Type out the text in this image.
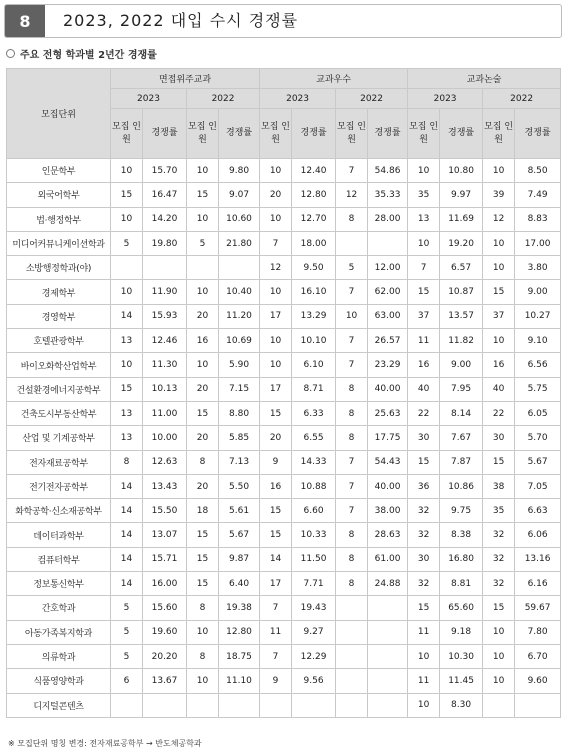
8	2023, 2022 대입 수시 경쟁률
주요 전형 학과별 2년간 경쟁률
모집단위	면접위주교과				교과우수				교과논술			
	2023		2022		2023		2022		2023		2022	
	모집 인원	경쟁률	모집 인원	경쟁률	모집 인원	경쟁률	모집 인원	경쟁률	모집 인원	경쟁률	모집 인원	경쟁률
인문학부	10	15.70	10	9.80	10	12.40	7	54.86	10	10.80	10	8.50
외국어학부	15	16.47	15	9.07	20	12.80	12	35.33	35	9.97	39	7.49
법·행정학부	10	14.20	10	10.60	10	12.70	8	28.00	13	11.69	12	8.83
미디어커뮤니케이션학과	5	19.80	5	21.80	7	18.00			10	19.20	10	17.00
소방행정학과(야)					12	9.50	5	12.00	7	6.57	10	3.80
경제학부	10	11.90	10	10.40	10	16.10	7	62.00	15	10.87	15	9.00
경영학부	14	15.93	20	11.20	17	13.29	10	63.00	37	13.57	37	10.27
호텔관광학부	13	12.46	16	10.69	10	10.10	7	26.57	11	11.82	10	9.10
바이오화학산업학부	10	11.30	10	5.90	10	6.10	7	23.29	16	9.00	16	6.56
건설환경에너지공학부	15	10.13	20	7.15	17	8.71	8	40.00	40	7.95	40	5.75
건축도시부동산학부	13	11.00	15	8.80	15	6.33	8	25.63	22	8.14	22	6.05
산업 및 기계공학부	13	10.00	20	5.85	20	6.55	8	17.75	30	7.67	30	5.70
전자재료공학부	8	12.63	8	7.13	9	14.33	7	54.43	15	7.87	15	5.67
전기전자공학부	14	13.43	20	5.50	16	10.88	7	40.00	36	10.86	38	7.05
화학공학·신소재공학부	14	15.50	18	5.61	15	6.60	7	38.00	32	9.75	35	6.63
데이터과학부	14	13.07	15	5.67	15	10.33	8	28.63	32	8.38	32	6.06
컴퓨터학부	14	15.71	15	9.87	14	11.50	8	61.00	30	16.80	32	13.16
정보통신학부	14	16.00	15	6.40	17	7.71	8	24.88	32	8.81	32	6.16
간호학과	5	15.60	8	19.38	7	19.43			15	65.60	15	59.67
아동가족복지학과	5	19.60	10	12.80	11	9.27			11	9.18	10	7.80
의류학과	5	20.20	8	18.75	7	12.29			10	10.30	10	6.70
식품영양학과	6	13.67	10	11.10	9	9.56			11	11.45	10	9.60
디지털콘텐츠									10	8.30		
※ 모집단위 명칭 변경: 전자재료공학부 → 반도체공학과
